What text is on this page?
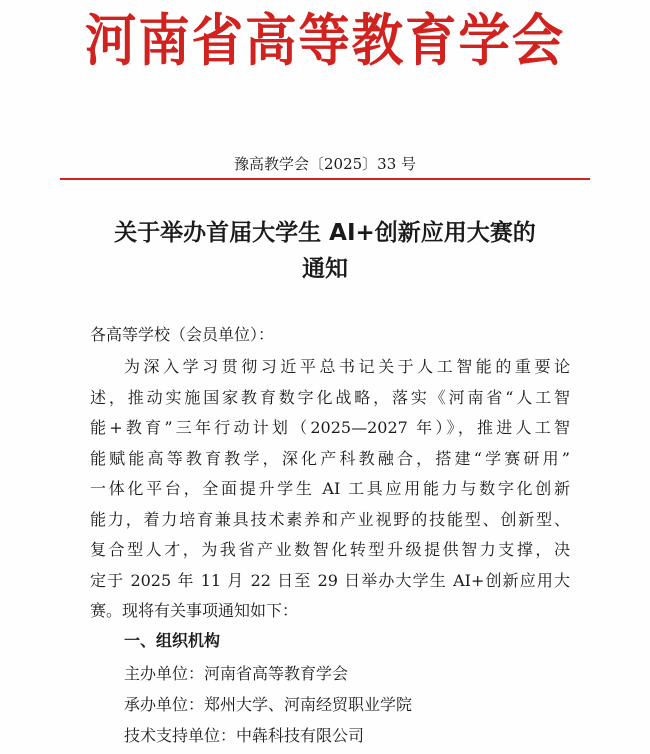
河南省高等教育学会
豫高教学会〔2025〕33 号
关于举办首届大学生 AI+创新应用大赛的
通知
各高等学校（会员单位）：
为深入学习贯彻习近平总书记关于人工智能的重要论
述，推动实施国家教育数字化战略，落实《河南省“人工智
能+教育”三年行动计划（2025—2027 年）》，推进人工智
能赋能高等教育教学，深化产科教融合，搭建“学赛研用”
一体化平台，全面提升学生 AI 工具应用能力与数字化创新
能力，着力培育兼具技术素养和产业视野的技能型、创新型、
复合型人才，为我省产业数智化转型升级提供智力支撑，决
定于 2025 年 11 月 22 日至 29 日举办大学生 AI+创新应用大
赛。现将有关事项通知如下：
一、组织机构
主办单位：河南省高等教育学会
承办单位：郑州大学、河南经贸职业学院
技术支持单位：中犇科技有限公司
